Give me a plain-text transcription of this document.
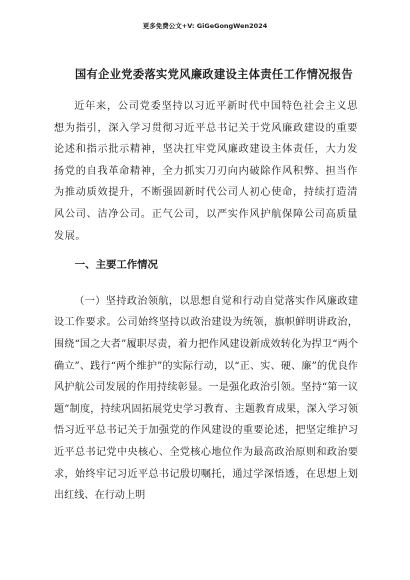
更多免费公文+V: GiGeGongWen2024
国有企业党委落实党风廉政建设主体责任工作情况报告

近年来，公司党委坚持以习近平新时代中国特色社会主义思想为指引，深入学习贯彻习近平总书记关于党风廉政建设的重要论述和指示批示精神，坚决扛牢党风廉政建设主体责任，大力发扬党的自我革命精神，全力抓实刀刃向内破除作风积弊、担当作为推动质效提升，不断强固新时代公司人初心使命，持续打造清风公司、洁净公司。正气公司，以严实作风护航保障公司高质量发展。

一、主要工作情况

（一）坚持政治领航，以思想自觉和行动自觉落实作风廉政建设工作要求。公司始终坚持以政治建设为统领，旗帜鲜明讲政治，围绕“国之大者”履职尽责，着力把作风建设新成效转化为捍卫“两个确立”、践行“两个维护”的实际行动，以“正、实、硬、廉”的优良作风护航公司发展的作用持续彰显。一是强化政治引领。坚持“第一议题”制度，持续巩固拓展党史学习教育、主题教育成果，深入学习领悟习近平总书记关于加强党的作风建设的重要论述，把坚定维护习近平总书记党中央核心、全党核心地位作为最高政治原则和政治要求，始终牢记习近平总书记殷切嘱托，通过学深悟透，在思想上划出红线、在行动上明
